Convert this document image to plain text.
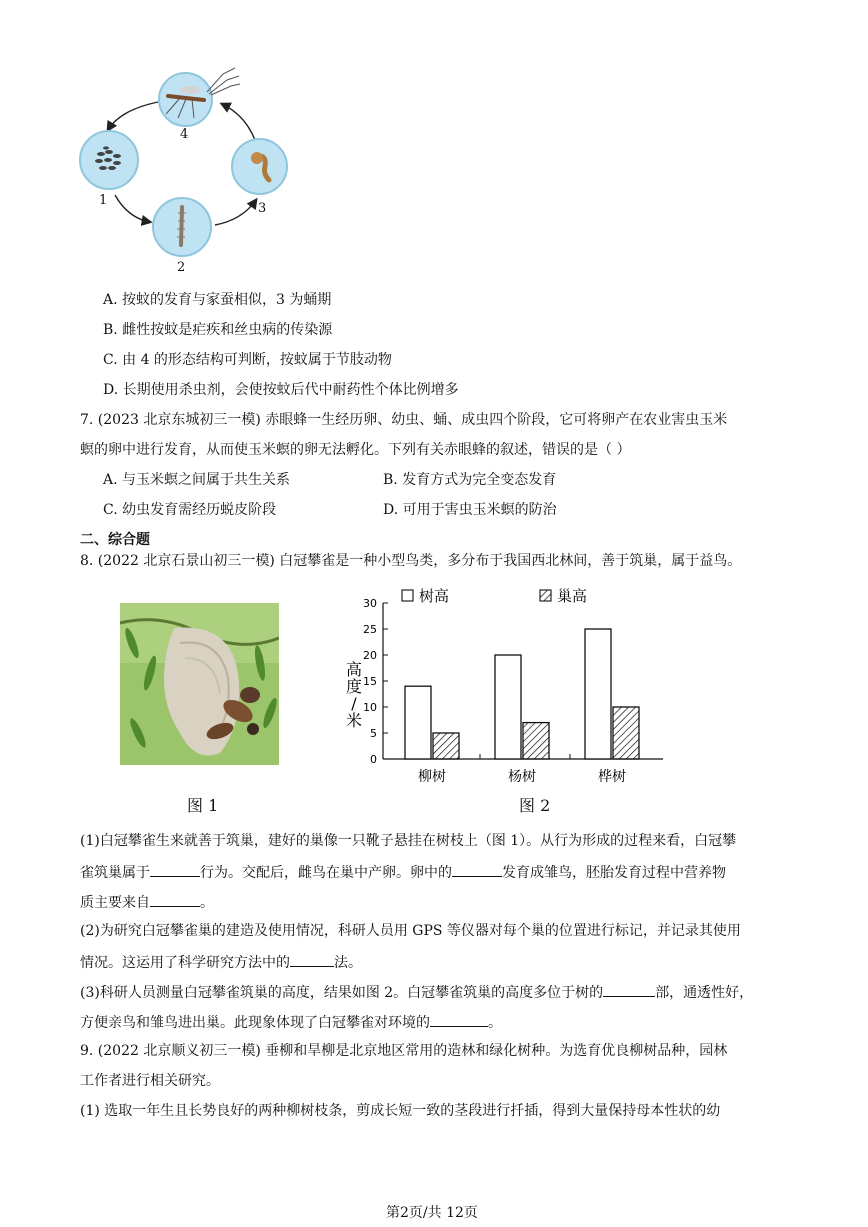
4
1
3
2
A. 按蚊的发育与家蚕相似，3 为蛹期
B. 雌性按蚊是疟疾和丝虫病的传染源
C. 由 4 的形态结构可判断，按蚊属于节肢动物
D. 长期使用杀虫剂，会使按蚊后代中耐药性个体比例增多
7. (2023 北京东城初三一模) 赤眼蜂一生经历卵、幼虫、蛹、成虫四个阶段，它可将卵产在农业害虫玉米
螟的卵中进行发育，从而使玉米螟的卵无法孵化。下列有关赤眼蜂的叙述，错误的是（ ）
A. 与玉米螟之间属于共生关系	B. 发育方式为完全变态发育
C. 幼虫发育需经历蜕皮阶段	D. 可用于害虫玉米螟的防治
二、综合题
8. (2022 北京石景山初三一模) 白冠攀雀是一种小型鸟类，多分布于我国西北林间，善于筑巢，属于益鸟。
图 1
0
5
10
15
20
25
30
高
度
/
米
柳树	杨树	桦树
树高	巢高
图 2
(1)白冠攀雀生来就善于筑巢，建好的巢像一只靴子悬挂在树枝上（图 1）。从行为形成的过程来看，白冠攀
雀筑巢属于	行为。交配后，雌鸟在巢中产卵。卵中的	发育成雏鸟，胚胎发育过程中营养物
质主要来自	。
(2)为研究白冠攀雀巢的建造及使用情况，科研人员用 GPS 等仪器对每个巢的位置进行标记，并记录其使用
情况。这运用了科学研究方法中的	法。
(3)科研人员测量白冠攀雀筑巢的高度，结果如图 2。白冠攀雀筑巢的高度多位于树的	部，通透性好，
方便亲鸟和雏鸟进出巢。此现象体现了白冠攀雀对环境的	。
9. (2022 北京顺义初三一模) 垂柳和旱柳是北京地区常用的造林和绿化树种。为选育优良柳树品种，园林
工作者进行相关研究。
(1) 选取一年生且长势良好的两种柳树枝条，剪成长短一致的茎段进行扦插，得到大量保持母本性状的幼
第2页/共 12页
